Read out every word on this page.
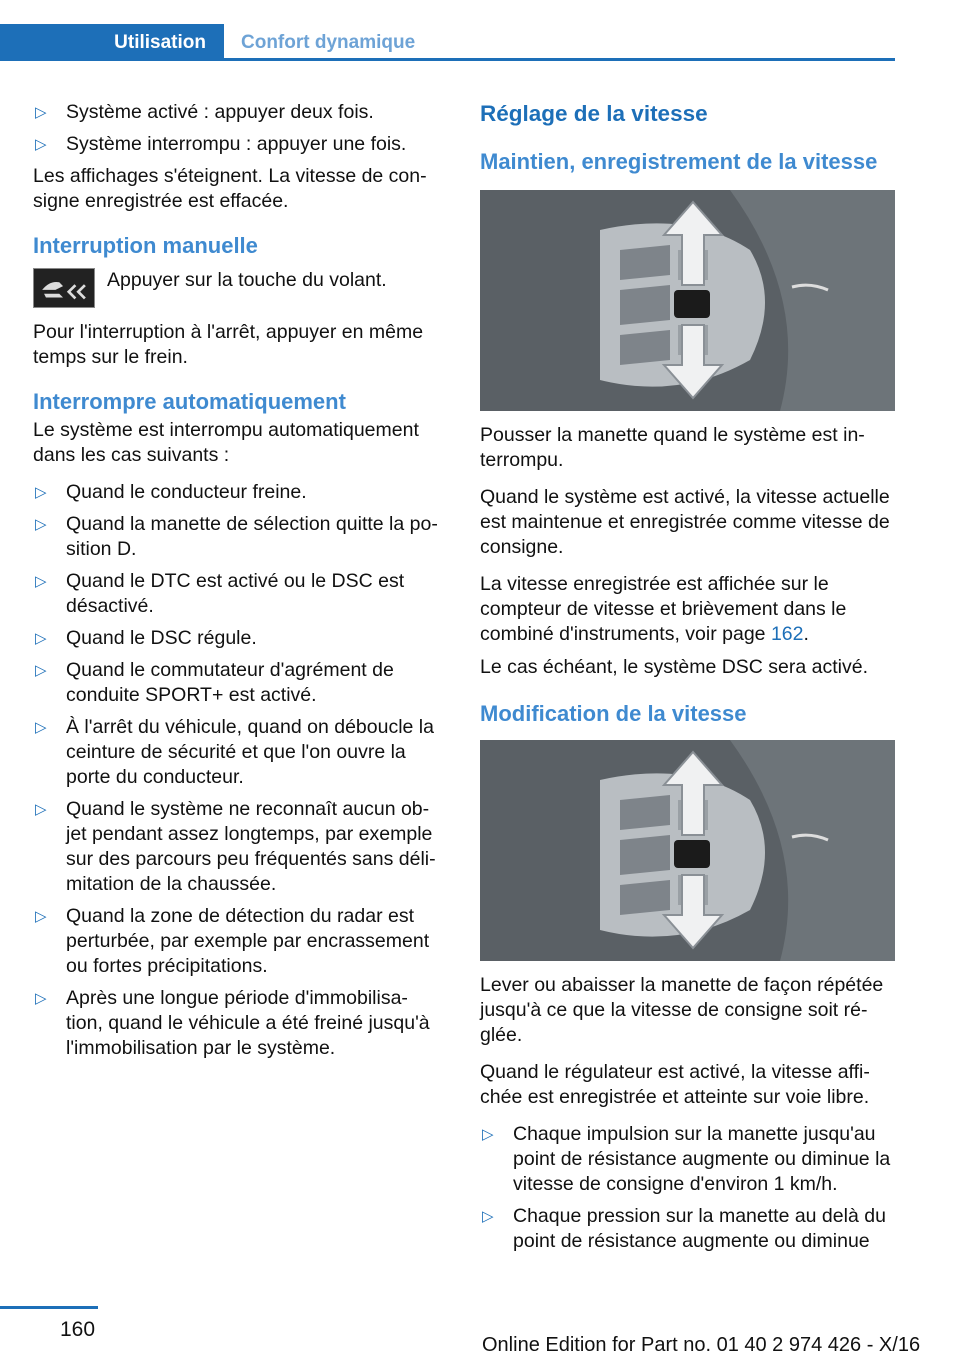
Utilisation	Confort dynamique
▷ Système activé : appuyer deux fois.
▷ Système interrompu : appuyer une fois.

Les affichages s'éteignent. La vitesse de con‐ signe enregistrée est effacée.

Interruption manuelle

Appuyer sur la touche du volant.

Pour l'interruption à l'arrêt, appuyer en même temps sur le frein.

Interrompre automatiquement

Le système est interrompu automatiquement dans les cas suivants :

▷ Quand le conducteur freine.
▷ Quand la manette de sélection quitte la po‐ sition D.
▷ Quand le DTC est activé ou le DSC est désactivé.
▷ Quand le DSC régule.
▷ Quand le commutateur d'agrément de conduite SPORT+ est activé.
▷ À l'arrêt du véhicule, quand on déboucle la ceinture de sécurité et que l'on ouvre la porte du conducteur.
▷ Quand le système ne reconnaît aucun ob‐ jet pendant assez longtemps, par exemple sur des parcours peu fréquentés sans déli‐ mitation de la chaussée.
▷ Quand la zone de détection du radar est perturbée, par exemple par encrassement ou fortes précipitations.
▷ Après une longue période d'immobilisa‐ tion, quand le véhicule a été freiné jusqu'à l'immobilisation par le système.
Réglage de la vitesse
Maintien, enregistrement de la vitesse

Pousser la manette quand le système est in‐ terrompu.

Quand le système est activé, la vitesse actuelle est maintenue et enregistrée comme vitesse de consigne.

La vitesse enregistrée est affichée sur le compteur de vitesse et brièvement dans le combiné d'instruments, voir page 162.

Le cas échéant, le système DSC sera activé.

Modification de la vitesse

Lever ou abaisser la manette de façon répétée jusqu'à ce que la vitesse de consigne soit ré‐ glée.

Quand le régulateur est activé, la vitesse affi‐ chée est enregistrée et atteinte sur voie libre.

▷ Chaque impulsion sur la manette jusqu'au point de résistance augmente ou diminue la vitesse de consigne d'environ 1 km/h.
▷ Chaque pression sur la manette au delà du point de résistance augmente ou diminue
160
Online Edition for Part no. 01 40 2 974 426 - X/16
